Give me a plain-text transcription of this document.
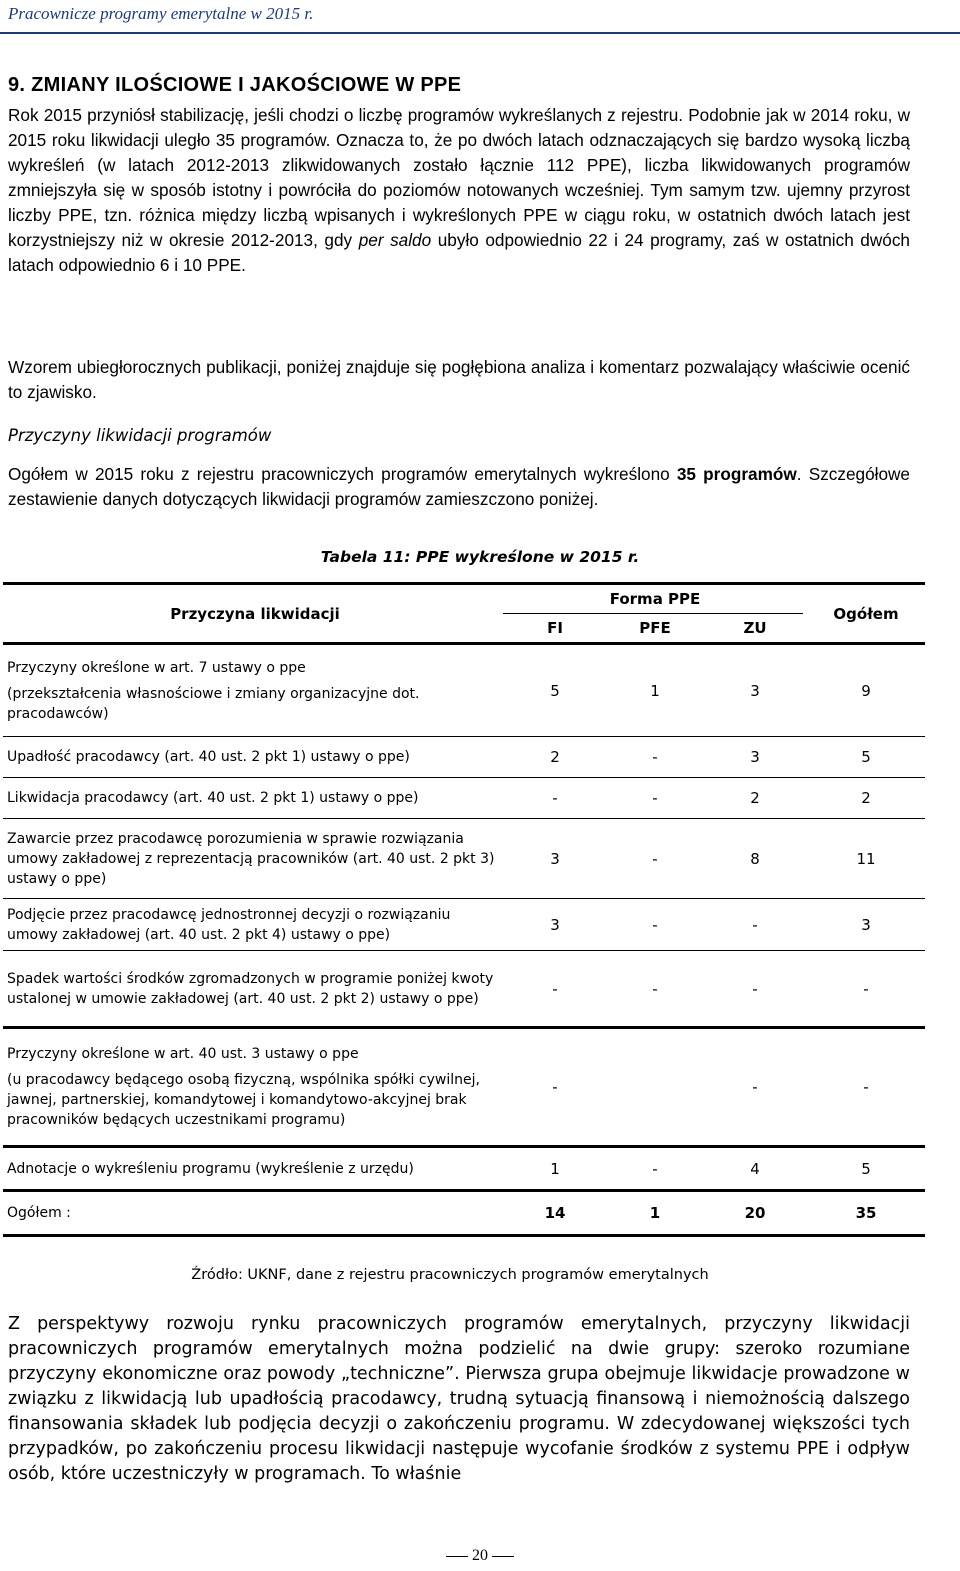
Pracownicze programy emerytalne w 2015 r.
9. ZMIANY ILOŚCIOWE I JAKOŚCIOWE W PPE

Rok 2015 przyniósł stabilizację, jeśli chodzi o liczbę programów wykreślanych z rejestru. Podobnie jak w 2014 roku, w 2015 roku likwidacji uległo 35 programów. Oznacza to, że po dwóch latach odznaczających się bardzo wysoką liczbą wykreśleń (w latach 2012-2013 zlikwidowanych zostało łącznie 112 PPE), liczba likwidowanych programów zmniejszyła się w sposób istotny i powróciła do poziomów notowanych wcześniej. Tym samym tzw. ujemny przyrost liczby PPE, tzn. różnica między liczbą wpisanych i wykreślonych PPE w ciągu roku, w ostatnich dwóch latach jest korzystniejszy niż w okresie 2012-2013, gdy per saldo ubyło odpowiednio 22 i 24 programy, zaś w ostatnich dwóch latach odpowiednio 6 i 10 PPE.

Wzorem ubiegłorocznych publikacji, poniżej znajduje się pogłębiona analiza i komentarz pozwalający właściwie ocenić to zjawisko.

Przyczyny likwidacji programów

Ogółem w 2015 roku z rejestru pracowniczych programów emerytalnych wykreślono 35 programów. Szczegółowe zestawienie danych dotyczących likwidacji programów zamieszczono poniżej.

Tabela 11: PPE wykreślone w 2015 r.
Przyczyna likwidacji	Forma PPE			Ogółem
	FI	PFE	ZU	

Przyczyny określone w art. 7 ustawy o ppe
(przekształcenia własnościowe i zmiany organizacyjne dot. pracodawców)	5	1	3	9
Upadłość pracodawcy (art. 40 ust. 2 pkt 1) ustawy o ppe)	2	-	3	5
Likwidacja pracodawcy (art. 40 ust. 2 pkt 1) ustawy o ppe)	-	-	2	2
Zawarcie przez pracodawcę porozumienia w sprawie rozwiązania umowy zakładowej z reprezentacją pracowników (art. 40 ust. 2 pkt 3) ustawy o ppe)	3	-	8	11
Podjęcie przez pracodawcę jednostronnej decyzji o rozwiązaniu umowy zakładowej (art. 40 ust. 2 pkt 4) ustawy o ppe)	3	-	-	3
Spadek wartości środków zgromadzonych w programie poniżej kwoty ustalonej w umowie zakładowej (art. 40 ust. 2 pkt 2) ustawy o ppe)	-	-	-	-

Przyczyny określone w art. 40 ust. 3 ustawy o ppe
(u pracodawcy będącego osobą fizyczną, wspólnika spółki cywilnej, jawnej, partnerskiej, komandytowej i komandytowo-akcyjnej brak pracowników będących uczestnikami programu)	-		-	-
Adnotacje o wykreśleniu programu (wykreślenie z urzędu)	1	-	4	5
Ogółem :	14	1	20	35
Źródło: UKNF, dane z rejestru pracowniczych programów emerytalnych

Z perspektywy rozwoju rynku pracowniczych programów emerytalnych, przyczyny likwidacji pracowniczych programów emerytalnych można podzielić na dwie grupy: szeroko rozumiane przyczyny ekonomiczne oraz powody „techniczne”. Pierwsza grupa obejmuje likwidacje prowadzone w związku z likwidacją lub upadłością pracodawcy, trudną sytuacją finansową i niemożnością dalszego finansowania składek lub podjęcia decyzji o zakończeniu programu. W zdecydowanej większości tych przypadków, po zakończeniu procesu likwidacji następuje wycofanie środków z systemu PPE i odpływ osób, które uczestniczyły w programach. To właśnie

20
